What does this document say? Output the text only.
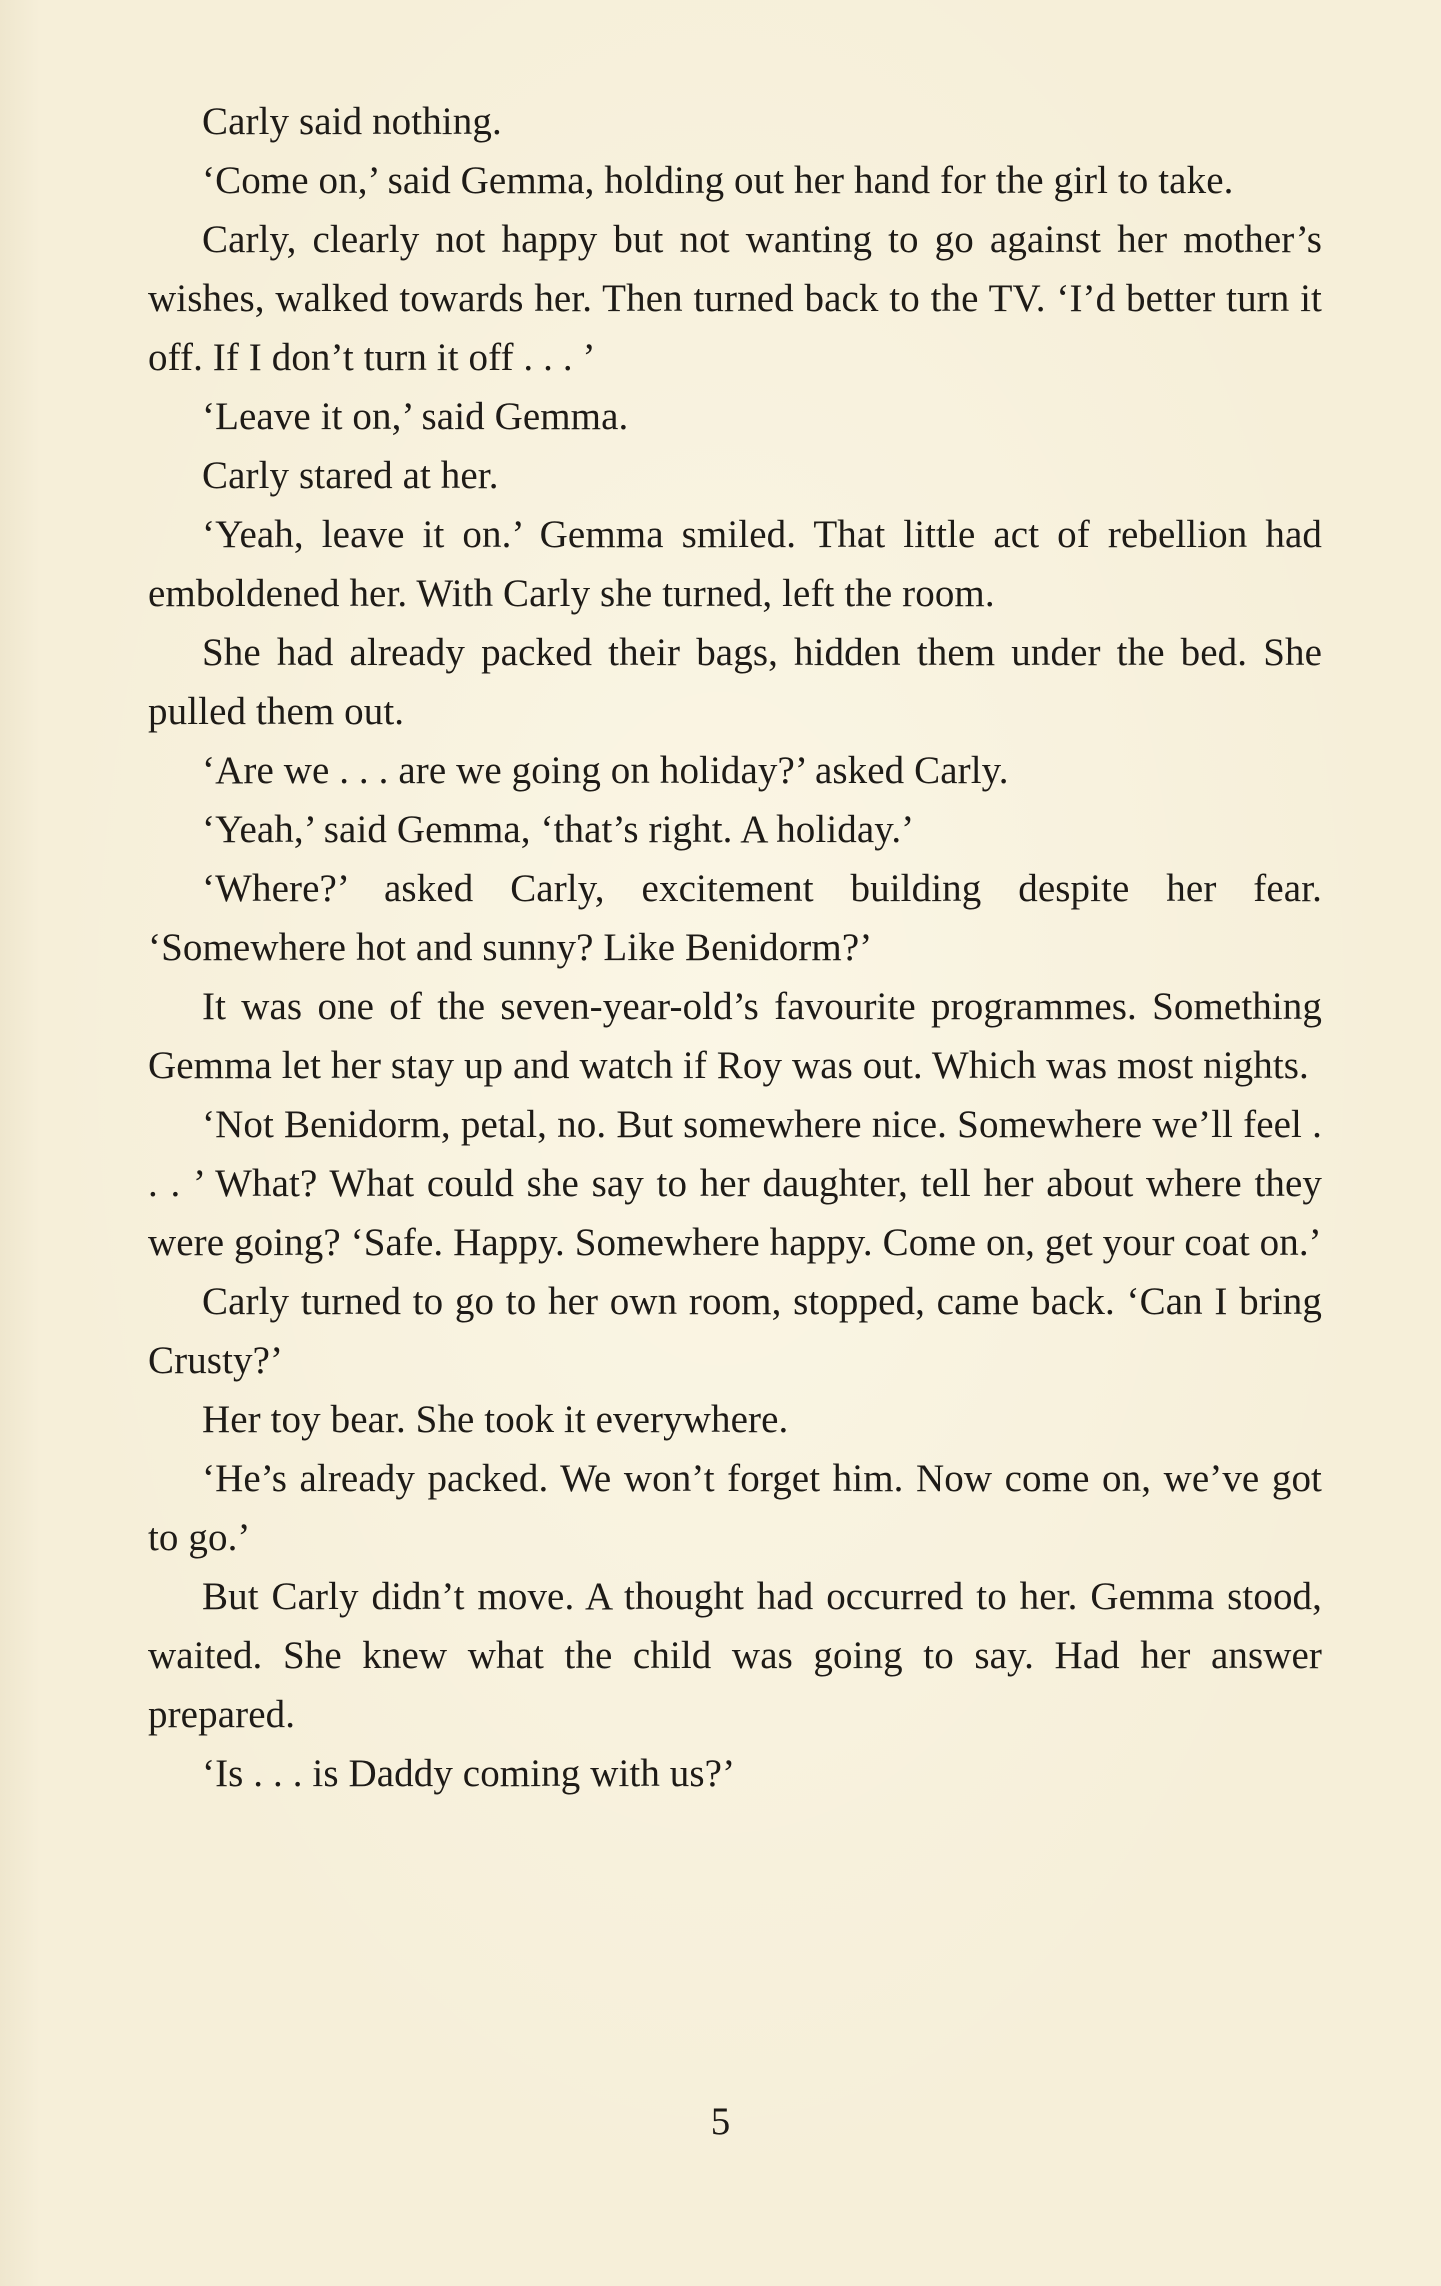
Carly said nothing.

‘Come on,’ said Gemma, holding out her hand for the girl to take.

Carly, clearly not happy but not wanting to go against her mother’s wishes, walked towards her. Then turned back to the TV. ‘I’d better turn it off. If I don’t turn it off . . . ’

‘Leave it on,’ said Gemma.

Carly stared at her.

‘Yeah, leave it on.’ Gemma smiled. That little act of rebellion had emboldened her. With Carly she turned, left the room.

She had already packed their bags, hidden them under the bed. She pulled them out.

‘Are we . . . are we going on holiday?’ asked Carly.

‘Yeah,’ said Gemma, ‘that’s right. A holiday.’

‘Where?’ asked Carly, excitement building despite her fear. ‘Somewhere hot and sunny? Like Benidorm?’

It was one of the seven-year-old’s favourite programmes. Something Gemma let her stay up and watch if Roy was out. Which was most nights.

‘Not Benidorm, petal, no. But somewhere nice. Somewhere we’ll feel . . . ’ What? What could she say to her daughter, tell her about where they were going? ‘Safe. Happy. Somewhere happy. Come on, get your coat on.’

Carly turned to go to her own room, stopped, came back. ‘Can I bring Crusty?’

Her toy bear. She took it everywhere.

‘He’s already packed. We won’t forget him. Now come on, we’ve got to go.’

But Carly didn’t move. A thought had occurred to her. Gemma stood, waited. She knew what the child was going to say. Had her answer prepared.

‘Is . . . is Daddy coming with us?’

5
